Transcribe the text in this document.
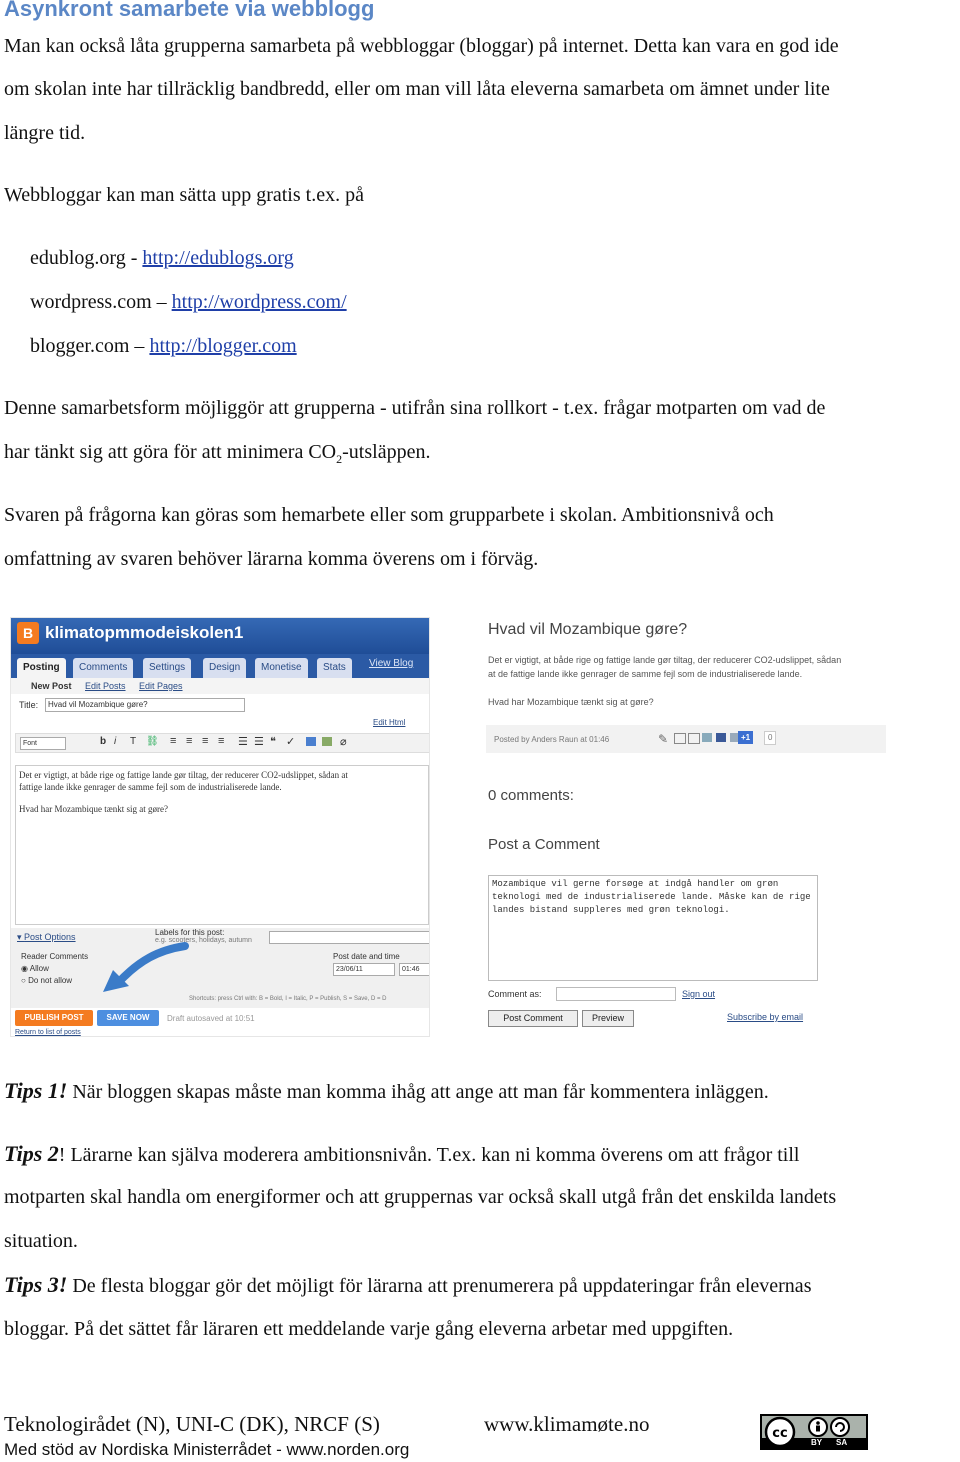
Asynkront samarbete via webblogg
Man kan också låta grupperna samarbeta på webbloggar (bloggar) på internet. Detta kan vara en god ide
om skolan inte har tillräcklig bandbredd, eller om man vill låta eleverna samarbeta om ämnet under lite
längre tid.
Webbloggar kan man sätta upp gratis t.ex. på
edublog.org - http://edublogs.org
wordpress.com – http://wordpress.com/
blogger.com – http://blogger.com
Denne samarbetsform möjliggör att grupperna - utifrån sina rollkort - t.ex. frågar motparten om vad de
har tänkt sig att göra för att minimera $CO_2$-utsläppen.
Svaren på frågorna kan göras som hemarbete eller som grupparbete i skolan. Ambitionsnivå och
omfattning av svaren behöver lärarna komma överens om i förväg.
B klimatopmmodeiskolen1
Posting	Comments	Settings	Design	Monetise	Stats	View Blog
New Post Edit Posts Edit Pages
Title:	Hvad vil Mozambique gøre?
Edit Html
Font	b i T ⛓ ≡ ≡ ≡ ≡ ☰ ☰ ❝ ✓	⌀
Det er vigtigt, at både rige og fattige lande gør tiltag, der reducerer CO2-udslippet, sådan at
fattige lande ikke genrager de samme fejl som de industrialiserede lande.
Hvad har Mozambique tænkt sig at gøre?
▾ Post Options	Labels for this post:
e.g. scooters, holidays, autumn
Reader Comments
◉ Allow
○ Do not allow
Post date and time
23/06/11	01:46
Shortcuts: press Ctrl with: B = Bold, I = Italic, P = Publish, S = Save, D = D
PUBLISH POST	SAVE NOW	Draft autosaved at 10:51
Return to list of posts
Hvad vil Mozambique gøre?
Det er vigtigt, at både rige og fattige lande gør tiltag, der reducerer CO2-udslippet, sådan
at de fattige lande ikke genrager de samme fejl som de industrialiserede lande.
Hvad har Mozambique tænkt sig at gøre?
Posted by Anders Raun at 01:46	✎	+1	0
0 comments:
Post a Comment
Mozambique vil gerne forsøge at indgå handler om grøn teknologi med de industrialiserede lande. Måske kan de rige landes bistand suppleres med grøn teknologi.
Comment as:	Sign out
Post Comment	Preview	Subscribe by email
Tips 1! När bloggen skapas måste man komma ihåg att ange att man får kommentera inläggen.
Tips 2! Lärarne kan själva moderera ambitionsnivån. T.ex. kan ni komma överens om att frågor till
motparten skal handla om energiformer och att gruppernas var också skall utgå från det enskilda landets
situation.
Tips 3! De flesta bloggar gör det möjligt för lärarna att prenumerera på uppdateringar från elevernas
bloggar. På det sättet får läraren ett meddelande varje gång eleverna arbetar med uppgiften.
Teknologirådet (N), UNI-C (DK), NRCF (S)
Med stöd av Nordiska Ministerrådet - www.norden.org
www.klimamøte.no	cc
BY SA
